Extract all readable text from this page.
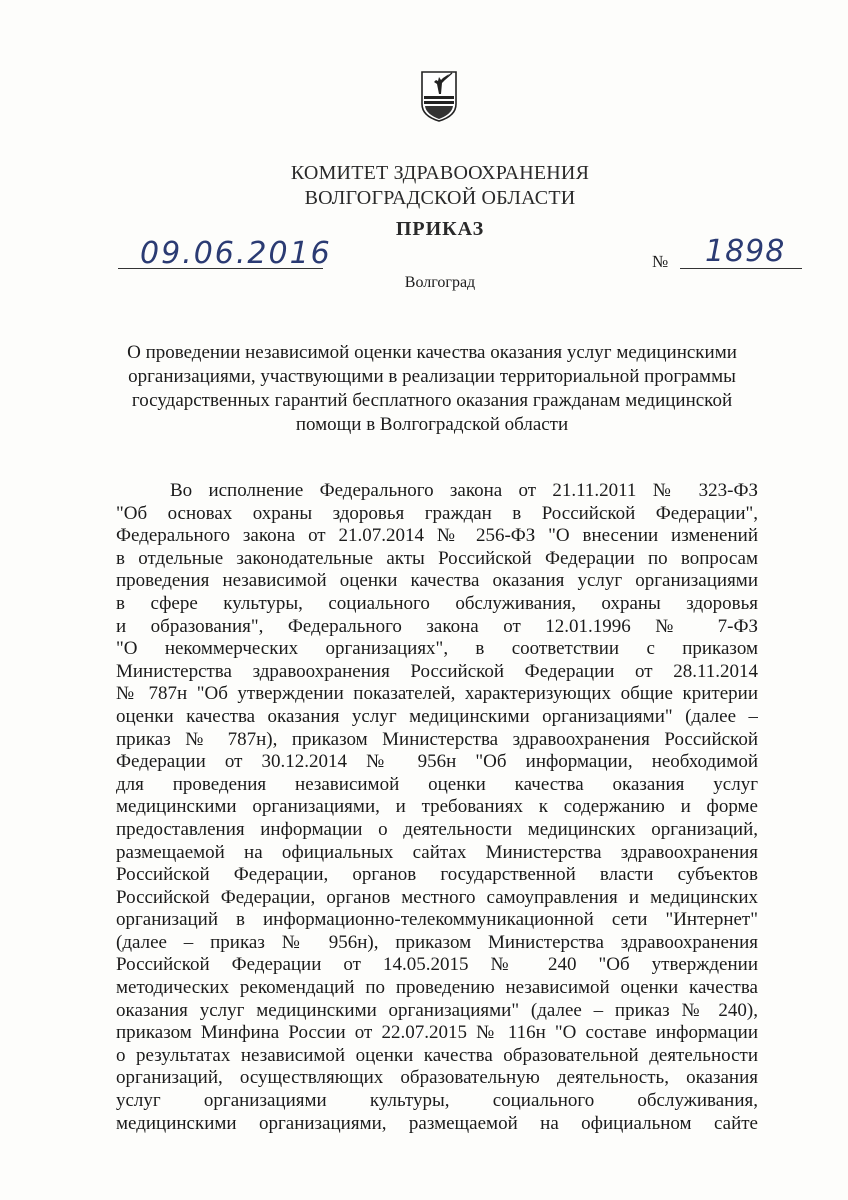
КОМИТЕТ ЗДРАВООХРАНЕНИЯ
ВОЛГОГРАДСКОЙ ОБЛАСТИ
ПРИКАЗ
09.06.2016	№ 1898
Волгоград
О проведении независимой оценки качества оказания услуг медицинскими
организациями, участвующими в реализации территориальной программы
государственных гарантий бесплатного оказания гражданам медицинской
помощи в Волгоградской области
Во исполнение Федерального закона от 21.11.2011 № 323-ФЗ
"Об основах охраны здоровья граждан в Российской Федерации",
Федерального закона от 21.07.2014 № 256-ФЗ "О внесении изменений
в отдельные законодательные акты Российской Федерации по вопросам
проведения независимой оценки качества оказания услуг организациями
в сфере культуры, социального обслуживания, охраны здоровья
и образования", Федерального закона от 12.01.1996 № 7-ФЗ
"О некоммерческих организациях", в соответствии с приказом
Министерства здравоохранения Российской Федерации от 28.11.2014
№ 787н "Об утверждении показателей, характеризующих общие критерии
оценки качества оказания услуг медицинскими организациями" (далее –
приказ № 787н), приказом Министерства здравоохранения Российской
Федерации от 30.12.2014 № 956н "Об информации, необходимой
для проведения независимой оценки качества оказания услуг
медицинскими организациями, и требованиях к содержанию и форме
предоставления информации о деятельности медицинских организаций,
размещаемой на официальных сайтах Министерства здравоохранения
Российской Федерации, органов государственной власти субъектов
Российской Федерации, органов местного самоуправления и медицинских
организаций в информационно-телекоммуникационной сети "Интернет"
(далее – приказ № 956н), приказом Министерства здравоохранения
Российской Федерации от 14.05.2015 № 240 "Об утверждении
методических рекомендаций по проведению независимой оценки качества
оказания услуг медицинскими организациями" (далее – приказ № 240),
приказом Минфина России от 22.07.2015 № 116н "О составе информации
о результатах независимой оценки качества образовательной деятельности
организаций, осуществляющих образовательную деятельность, оказания
услуг организациями культуры, социального обслуживания,
медицинскими организациями, размещаемой на официальном сайте
